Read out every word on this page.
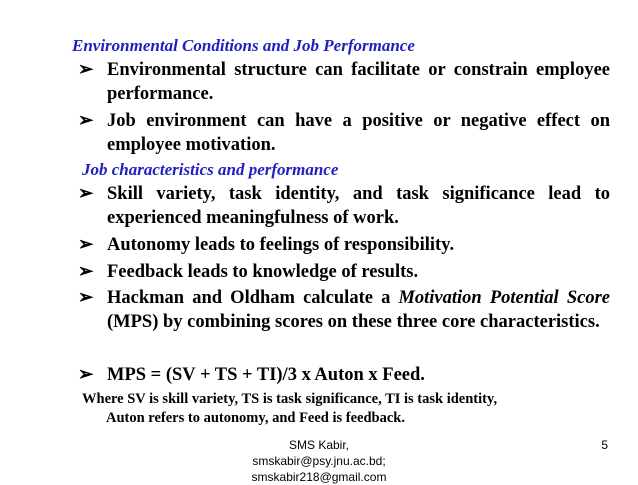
Environmental Conditions and Job Performance
➢ Environmental structure can facilitate or constrain employee performance.
➢ Job environment can have a positive or negative effect on employee motivation.
Job characteristics and performance
➢ Skill variety, task identity, and task significance lead to experienced meaningfulness of work.
➢ Autonomy leads to feelings of responsibility.
➢ Feedback leads to knowledge of results.
➢ Hackman and Oldham calculate a Motivation Potential Score (MPS) by combining scores on these three core characteristics.
➢ MPS = (SV + TS + TI)/3 x Auton x Feed.
Where SV is skill variety, TS is task significance, TI is task identity,
Auton refers to autonomy, and Feed is feedback.
SMS Kabir,
smskabir@psy.jnu.ac.bd;
smskabir218@gmail.com
5
